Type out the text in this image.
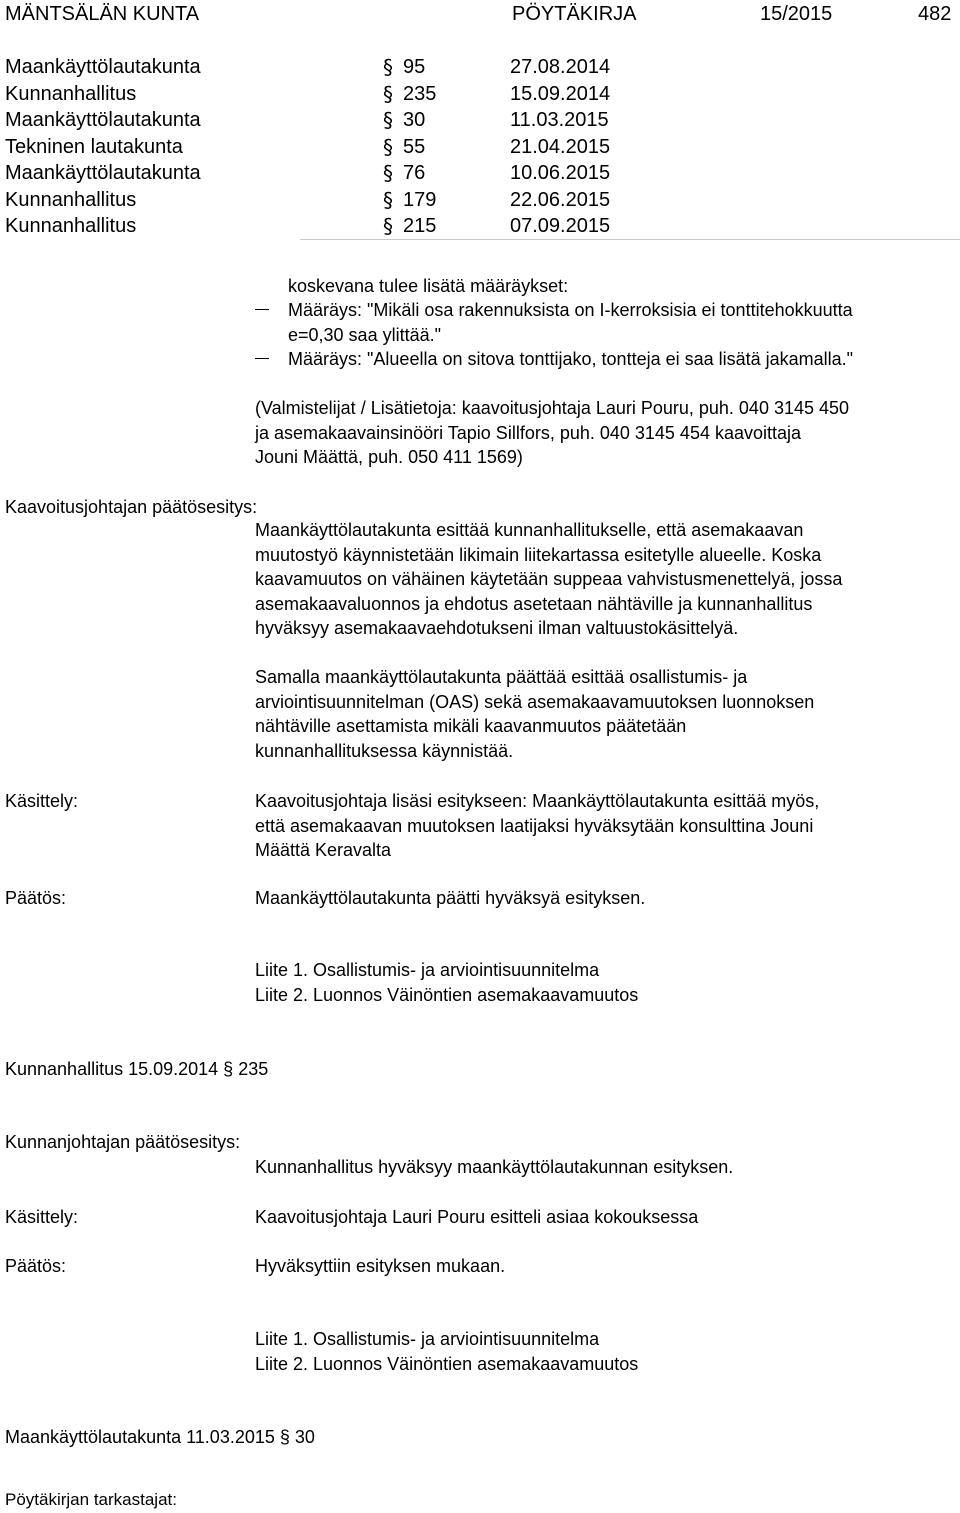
MÄNTSÄLÄN KUNTA	PÖYTÄKIRJA	15/2015	482
Maankäyttölautakunta	§ 95	27.08.2014
Kunnanhallitus	§ 235	15.09.2014
Maankäyttölautakunta	§ 30	11.03.2015
Tekninen lautakunta	§ 55	21.04.2015
Maankäyttölautakunta	§ 76	10.06.2015
Kunnanhallitus	§ 179	22.06.2015
Kunnanhallitus	§ 215	07.09.2015
koskevana tulee lisätä määräykset:
Määräys: "Mikäli osa rakennuksista on I-kerroksisia ei tonttitehokkuutta
e=0,30 saa ylittää."
Määräys: "Alueella on sitova tonttijako, tontteja ei saa lisätä jakamalla."

(Valmistelijat / Lisätietoja: kaavoitusjohtaja Lauri Pouru, puh. 040 3145 450

ja asemakaavainsinööri Tapio Sillfors, puh. 040 3145 454 kaavoittaja

Jouni Määttä, puh. 050 411 1569)

Kaavoitusjohtajan päätösesitys:

Maankäyttölautakunta esittää kunnanhallitukselle, että asemakaavan

muutostyö käynnistetään likimain liitekartassa esitetylle alueelle. Koska

kaavamuutos on vähäinen käytetään suppeaa vahvistusmenettelyä, jossa

asemakaavaluonnos ja ehdotus asetetaan nähtäville ja kunnanhallitus

hyväksyy asemakaavaehdotukseni ilman valtuustokäsittelyä.

Samalla maankäyttölautakunta päättää esittää osallistumis- ja

arviointisuunnitelman (OAS) sekä asemakaavamuutoksen luonnoksen

nähtäville asettamista mikäli kaavanmuutos päätetään

kunnanhallituksessa käynnistää.

Käsittely:	Kaavoitusjohtaja lisäsi esitykseen: Maankäyttölautakunta esittää myös,

että asemakaavan muutoksen laatijaksi hyväksytään konsulttina Jouni

Määttä Keravalta

Päätös:	Maankäyttölautakunta päätti hyväksyä esityksen.

Liite 1. Osallistumis- ja arviointisuunnitelma

Liite 2. Luonnos Väinöntien asemakaavamuutos

Kunnanhallitus 15.09.2014 § 235
Kunnanjohtajan päätösesitys:
Kunnanhallitus hyväksyy maankäyttölautakunnan esityksen.
Käsittely:	Kaavoitusjohtaja Lauri Pouru esitteli asiaa kokouksessa
Päätös:	Hyväksyttiin esityksen mukaan.

Liite 1. Osallistumis- ja arviointisuunnitelma

Liite 2. Luonnos Väinöntien asemakaavamuutos

Maankäyttölautakunta 11.03.2015 § 30
Pöytäkirjan tarkastajat:
